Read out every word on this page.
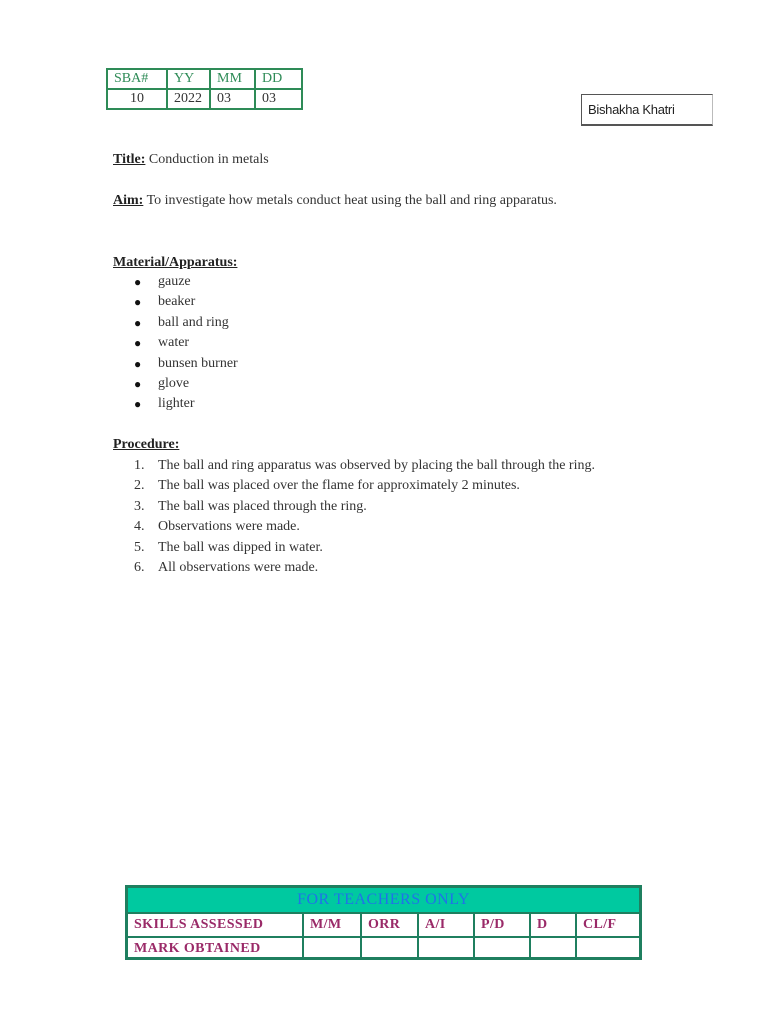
SBA#	YY	MM	DD
10	2022	03	03
Bishakha Khatri
Title: Conduction in metals
Aim: To investigate how metals conduct heat using the ball and ring apparatus.
Material/Apparatus:
● gauze
● beaker
● ball and ring
● water
● bunsen burner
● glove
● lighter
Procedure:
1. The ball and ring apparatus was observed by placing the ball through the ring.
2. The ball was placed over the flame for approximately 2 minutes.
3. The ball was placed through the ring.
4. Observations were made.
5. The ball was dipped in water.
6. All observations were made.
FOR TEACHERS ONLY
SKILLS ASSESSED	M/M	ORR	A/I	P/D	D	CL/F
MARK OBTAINED
